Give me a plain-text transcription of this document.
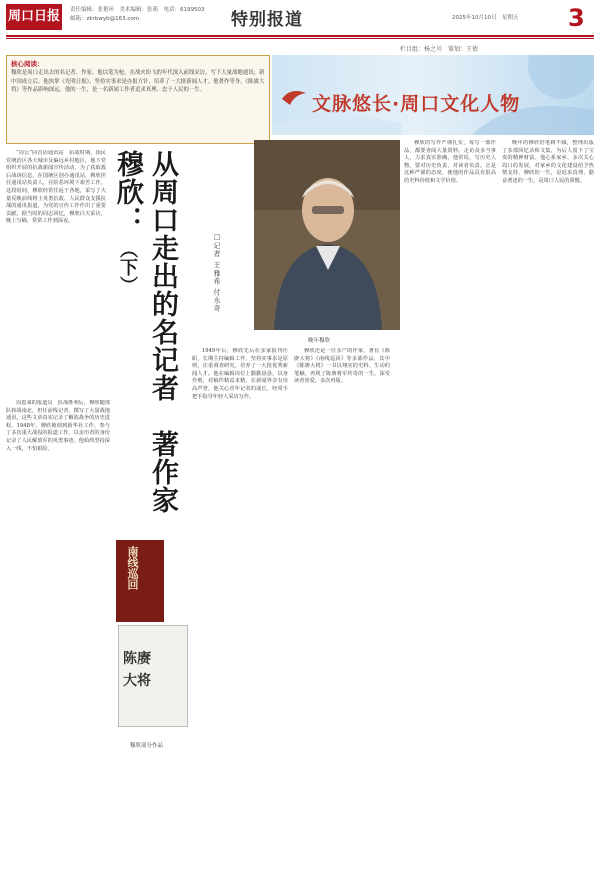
周口日报	责任编辑：张艳环　美术编辑：张萌　电话：6199503
邮箱：zkrbwyb@163.com	特别报道	2025年10月10日　星期五 3
栏目组：杨之川　策划：王倩
核心阅读：
穆欣是周口走出去的名记者、作家。他以笔为枪，在战火纷飞的年代深入前线采访，写下大量战地通讯；新中国成立后，他执掌《光明日报》，坚持实事求是办报方针，培养了一大批新闻人才。他著作等身，《陈赓大将》等作品影响深远。他的一生，是一名新闻工作者追求真理、忠于人民的一生。
文脉悠长·周口文化人物
从周口走出的名记者　著作家
穆欣：
（下）	□记者 王雅希 付永奇
晚年穆欣
南线巡回
陈赓
大将
穆欣部分作品

“周公”回首话通讯站　抗战时期，国民党统治区各大城市及偏远乡村地区，地下党组织开展的抗战新闻宣传活动，为了获取敌后战场信息，在国统区创办通讯站，穆欣担任通讯站负责人，在险恶环境下艰苦工作。这段时间，穆欣经常往返于各地，采写了大量反映前线将士英勇抗敌、人民群众支援抗战的通讯报道，为党的宣传工作作出了重要贡献。据当时的同志回忆，穆欣白天采访，晚上写稿，常常工作到深夜。

周恩来的报道员　抗战胜利后，穆欣随部队转战南北，担任前线记者，撰写了大量战地通讯，这些文章真实记录了解放战争的历史进程。1948年，穆欣被调到新华社工作，参与了多次重大战役的报道工作，以亲历者的身份记录了人民解放军的英勇事迹。他始终坚持深入一线，不怕艰险。

1949年后，穆欣先后在多家报刊任职，长期主持编辑工作，坚持实事求是原则，注重调查研究，培养了一大批优秀新闻人才。他在编辑岗位上勤勤恳恳，以身作则，对稿件精益求精，在新闻界享有崇高声誉。他关心青年记者的成长，经常手把手指导年轻人采访写作。

穆欣还是一位多产的作家，著有《陈赓大将》《南线巡回》等多部作品，其中《陈赓大将》一书以翔实的史料、生动的笔触，再现了陈赓将军传奇的一生，深受读者喜爱，多次再版。

穆欣的写作严谨扎实，每写一部作品，都要查阅大量资料，走访众多当事人，力求真实准确。他常说，写历史人物，要对历史负责，对读者负责。正是这种严谨的态度，使他的作品具有很高的史料价值和文学价值。

晚年的穆欣仍笔耕不辍，整理出版了多部回忆录和文集，为后人留下了宝贵的精神财富。他心系家乡，多次关心周口的发展，对家乡的文化建设给予热情支持。穆欣的一生，是追求真理、勤奋著述的一生，是周口人民的骄傲。
